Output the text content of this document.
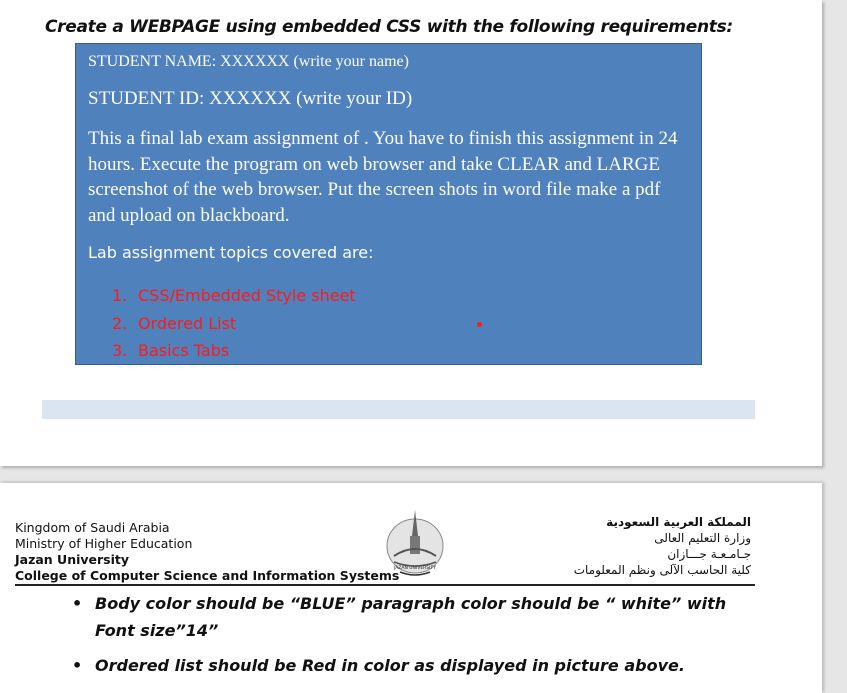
Create a WEBPAGE using embedded CSS with the following requirements:
STUDENT NAME: XXXXXX (write your name)
STUDENT ID: XXXXXX (write your ID)
This a final lab exam assignment of . You have to finish this assignment in 24 hours. Execute the program on web browser and take CLEAR and LARGE screenshot of the web browser. Put the screen shots in word file make a pdf and upload on blackboard.
Lab assignment topics covered are:
1. CSS/Embedded Style sheet
2. Ordered List
3. Basics Tabs
Kingdom of Saudi Arabia
Ministry of Higher Education
Jazan University
College of Computer Science and Information Systems
JAZAN UNIVERSITY
المملكة العربية السعودية
وزارة التعليم العالى
جـامـعـة جـــازان
كلية الحاسب الآلى ونظم المعلومات
• Body color should be “BLUE” paragraph color should be “ white” with Font size”14”
• Ordered list should be Red in color as displayed in picture above.
